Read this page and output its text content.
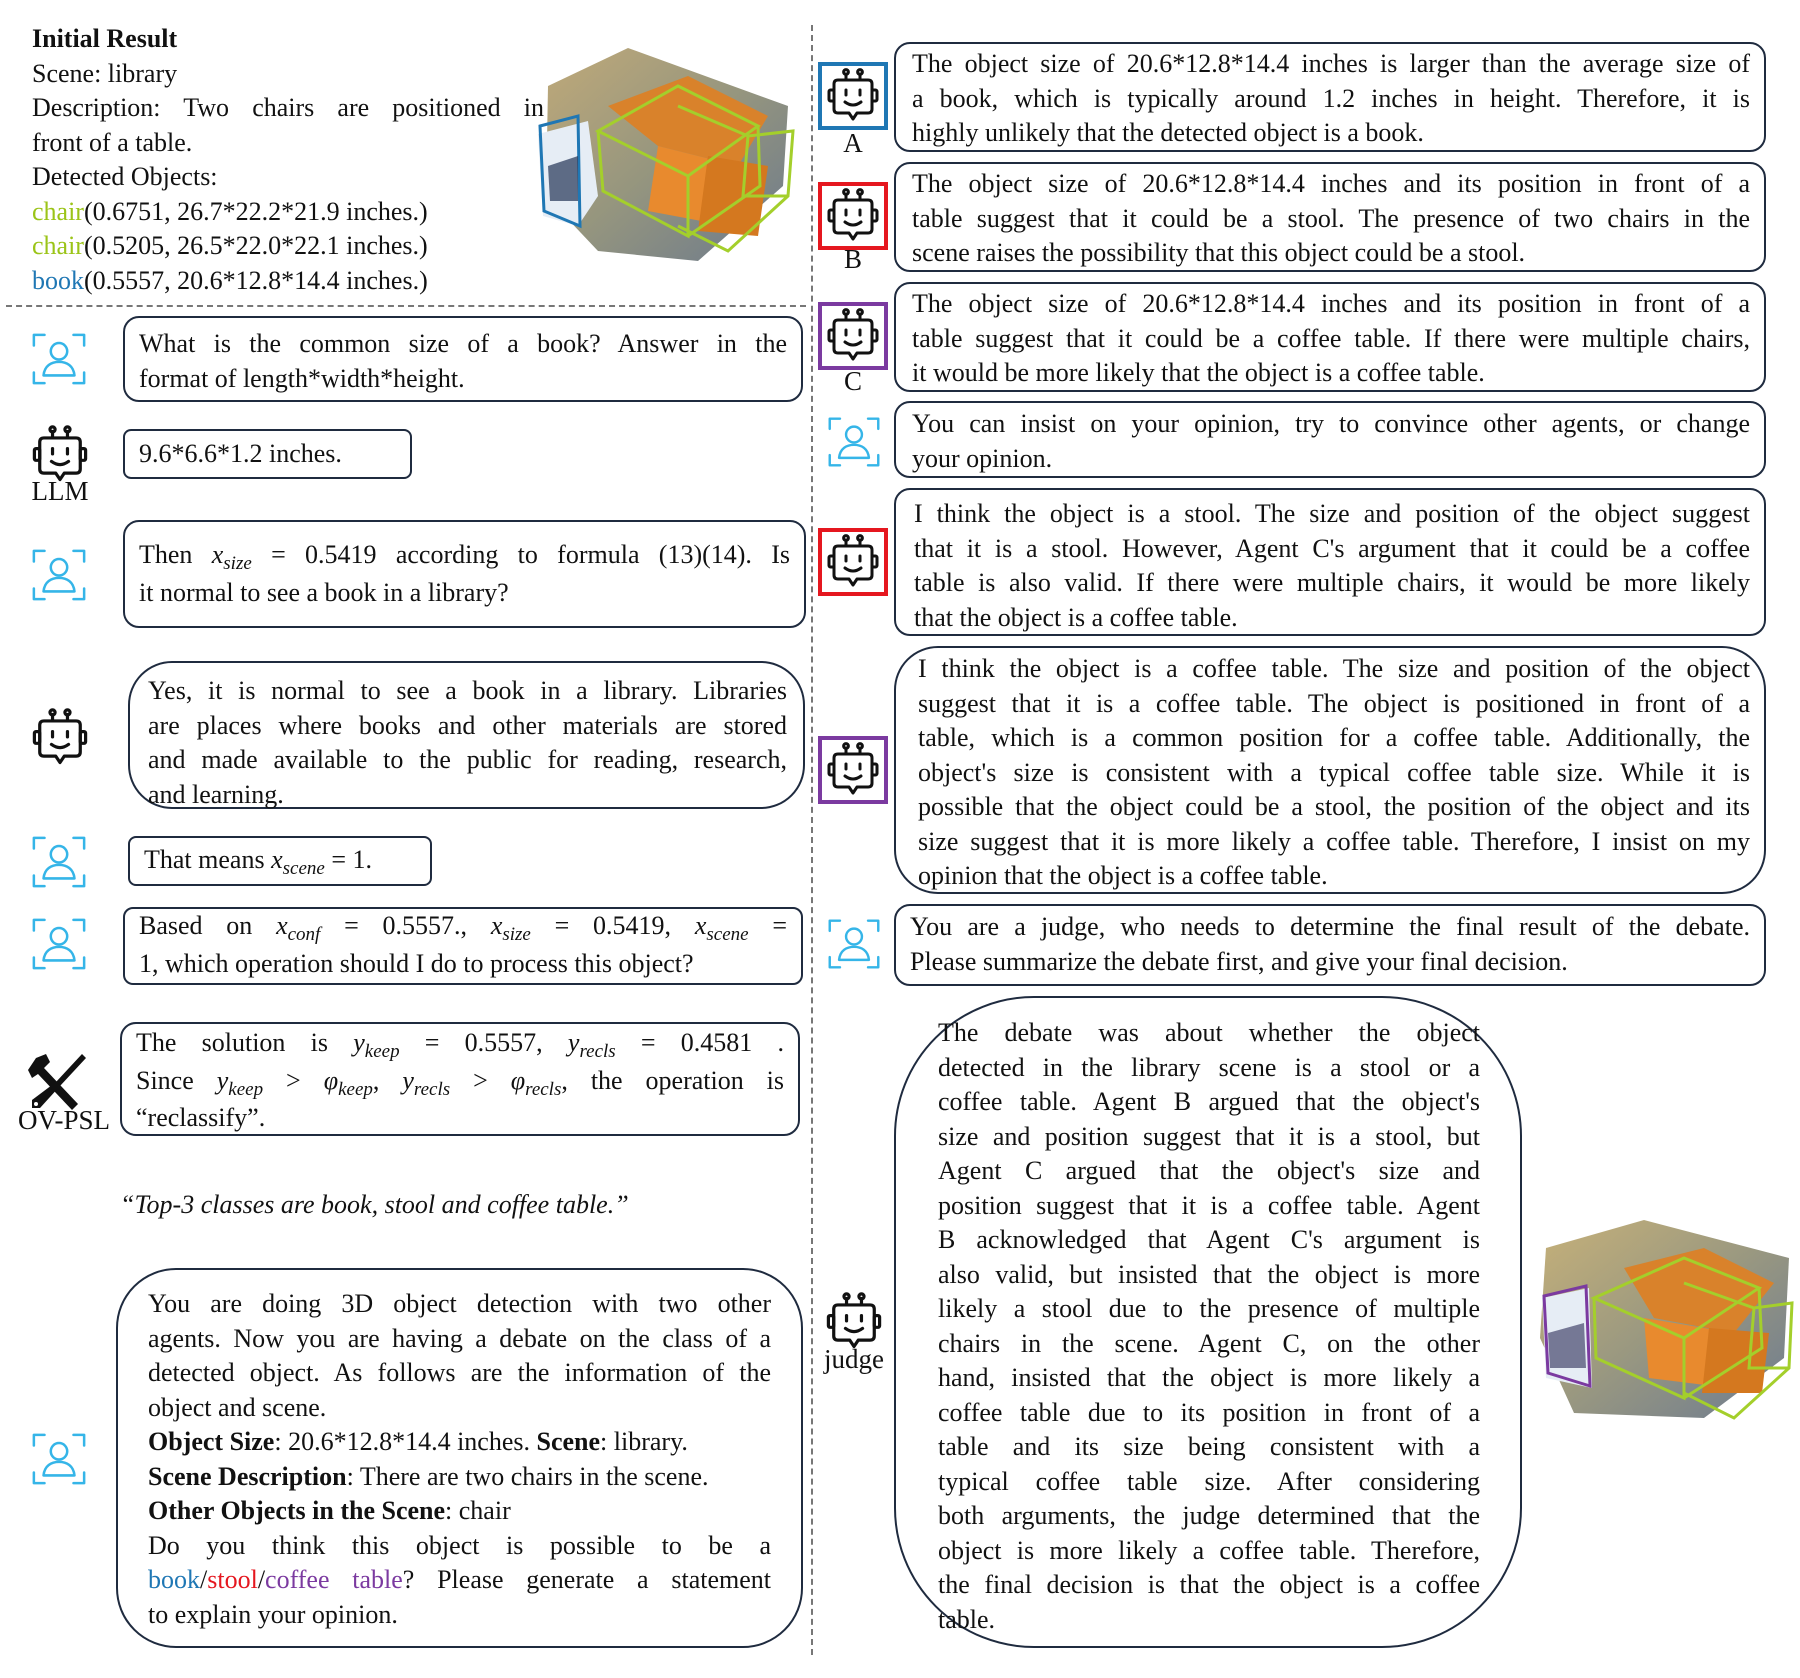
Initial Result
Scene: library
Description: Two chairs are positioned in
front of a table.
Detected Objects:
chair(0.6751, 26.7*22.2*21.9 inches.)
chair(0.5205, 26.5*22.0*22.1 inches.)
book(0.5557, 20.6*12.8*14.4 inches.)
What is the common size of a book? Answer in the
format of length*width*height.
LLM
9.6*6.6*1.2 inches.
Then $x_{size} = 0.5419$ according to formula (13)(14). Is
it normal to see a book in a library?
Yes, it is normal to see a book in a library. Libraries
are places where books and other materials are stored
and made available to the public for reading, research,
and learning.
That means $x_{scene} = 1$.
Based on $x_{conf} = 0.5557$., $x_{size} = 0.5419$, $x_{scene}$ =
1, which operation should I do to process this object?
OV-PSL
The solution is $y_{keep} = 0.5557$, $y_{recls} = 0.4581$ .
Since $y_{keep} > \varphi_{keep}$, $y_{recls} > \varphi_{recls}$, the operation is
“reclassify”.
“Top-3 classes are book, stool and coffee table.”
You are doing 3D object detection with two other
agents. Now you are having a debate on the class of a
detected object. As follows are the information of the
object and scene.
Object Size: 20.6*12.8*14.4 inches. Scene: library.
Scene Description: There are two chairs in the scene.
Other Objects in the Scene: chair
Do you think this object is possible to be a
book/stool/coffee table? Please generate a statement
to explain your opinion.
A
The object size of 20.6*12.8*14.4 inches is larger than the average size of
a book, which is typically around 1.2 inches in height. Therefore, it is
highly unlikely that the detected object is a book.
B
The object size of 20.6*12.8*14.4 inches and its position in front of a
table suggest that it could be a stool. The presence of two chairs in the
scene raises the possibility that this object could be a stool.
C
The object size of 20.6*12.8*14.4 inches and its position in front of a
table suggest that it could be a coffee table. If there were multiple chairs,
it would be more likely that the object is a coffee table.
You can insist on your opinion, try to convince other agents, or change
your opinion.
I think the object is a stool. The size and position of the object suggest
that it is a stool. However, Agent C's argument that it could be a coffee
table is also valid. If there were multiple chairs, it would be more likely
that the object is a coffee table.
I think the object is a coffee table. The size and position of the object
suggest that it is a coffee table. The object is positioned in front of a
table, which is a common position for a coffee table. Additionally, the
object's size is consistent with a typical coffee table size. While it is
possible that the object could be a stool, the position of the object and its
size suggest that it is more likely a coffee table. Therefore, I insist on my
opinion that the object is a coffee table.
You are a judge, who needs to determine the final result of the debate.
Please summarize the debate first, and give your final decision.
judge
The debate was about whether the object
detected in the library scene is a stool or a
coffee table. Agent B argued that the object's
size and position suggest that it is a stool, but
Agent C argued that the object's size and
position suggest that it is a coffee table. Agent
B acknowledged that Agent C's argument is
also valid, but insisted that the object is more
likely a stool due to the presence of multiple
chairs in the scene. Agent C, on the other
hand, insisted that the object is more likely a
coffee table due to its position in front of a
table and its size being consistent with a
typical coffee table size. After considering
both arguments, the judge determined that the
object is more likely a coffee table. Therefore,
the final decision is that the object is a coffee
table.
